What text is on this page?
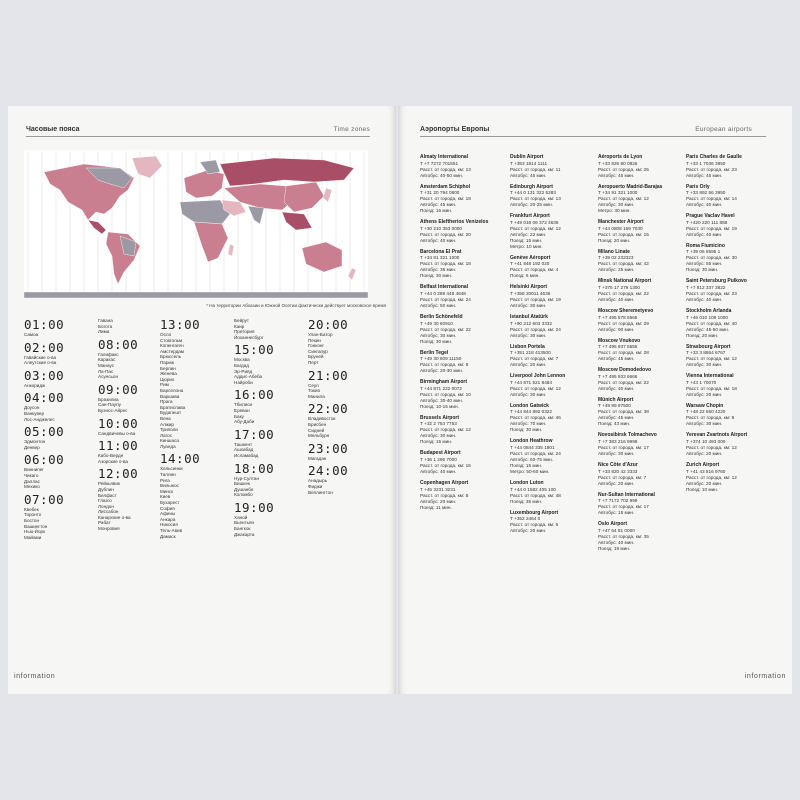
Часовые пояса	Time zones
* На территории Абхазии и Южной Осетии фактически действует московское время
01:00
Самоа
02:00
Гавайские о-ва
Алеутские о-ва
03:00
Анкоридж
04:00
Доусон
Ванкувер
Лос-Анджелес
05:00
Эдмонтон
Денвер
06:00
Виннипег
Чикаго
Даллас
Мехико
07:00
Квебек
Торонто
Бостон
Вашингтон
Нью-Йорк
Майами
Гавана
Богота
Лима
08:00
Галифакс
Каракас
Манаус
Ла-Пас
Асунсьон
09:00
Бразилиа
Сан-Паулу
Буэнос-Айрес
10:00
Сандвичевы о-ва
11:00
Кабо-Верде
Азорские о-ва
12:00
Рейкьявик
Дублин
Белфаст
Глазго
Лондон
Лиссабон
Канарские о-ва
Рабат
Монровия
13:00
Осло
Стокгольм
Копенгаген
Амстердам
Брюссель
Париж
Берлин
Женева
Цюрих
Рим
Барселона
Варшава
Прага
Братислава
Будапешт
Вена
Алжир
Триполи
Лагос
Киншаса
Луанда
14:00
Хельсинки
Таллин
Рига
Вильнюс
Минск
Киев
Бухарест
София
Афины
Анкара
Никосия
Тель-Авив
Дамаск
Бейрут
Каир
Претория
Йоханнесбург
15:00
Москва
Багдад
Эр-Рияд
Аддис-Абеба
Найроби
16:00
Тбилиси
Ереван
Баку
Абу-Даби
17:00
Ташкент
Ашхабад
Исламабад
18:00
Нур-Султан
Бишкек
Душанбе
Коломбо
19:00
Ханой
Вьентьян
Бангкок
Джакарта
20:00
Улан-Батор
Пекин
Гонконг
Сингапур
Бруней
Перт
21:00
Сеул
Токио
Манила
22:00
Владивосток
Брисбен
Сидней
Мельбурн
23:00
Магадан
24:00
Анадырь
Фиджи
Веллингтон
information
Аэропорты Европы	European airports
Almaty International
T +7 7272 701551
Расст. от города, км: 13
Автобус: 40-50 мин.
Amsterdam Schiphol
T +31 20 794 0800
Расст. от города, км: 18
Автобус: 45 мин.
Поезд: 16 мин.
Athens Eleftherios Venizelos
T +30 210 353 0000
Расст. от города, км: 20
Автобус: 40 мин.
Barcelona El Prat
T +34 91 321 1000
Расст. от города, км: 18
Автобус: 35 мин.
Поезд: 30 мин.
Belfast International
T +44 0 289 448 4848
Расст. от города, км: 24
Автобус: 50 мин.
Berlin Schönefeld
T +49 30 60910
Расст. от города, км: 22
Автобус: 30 мин.
Поезд: 30 мин.
Berlin Tegel
T +49 30 609 11150
Расст. от города, км: 8
Автобус: 20-30 мин.
Birmingham Airport
T +44 871 222 0072
Расст. от города, км: 10
Автобус: 30-40 мин.
Поезд: 10-15 мин.
Brussels Airport
T +32 2 753 7753
Расст. от города, км: 12
Автобус: 30 мин.
Поезд: 15 мин.
Budapest Airport
T +36 1 296 7000
Расст. от города, км: 16
Автобус: 40 мин.
Copenhagen Airport
T +45 3231 3231
Расст. от города, км: 8
Автобус: 20 мин.
Поезд: 11 мин.
Dublin Airport
T +353 1814 1111
Расст. от города, км: 11
Автобус: 45 мин.
Edinburgh Airport
T +44 0 131 322 5283
Расст. от города, км: 13
Автобус: 20-25 мин.
Frankfurt Airport
T +49 018 06 372 4636
Расст. от города, км: 12
Автобус: 22 мин.
Поезд: 15 мин.
Метро: 10 мин.
Genève Aéroport
T +41 848 192 020
Расст. от города, км: 4
Поезд: 6 мин.
Helsinki Airport
T +358 20011 4636
Расст. от города, км: 19
Автобус: 30 мин.
Istanbul Atatürk
T +90 212 603 3332
Расст. от города, км: 24
Автобус: 30 мин.
Lisbon Portela
T +351 218 413500
Расст. от города, км: 7
Автобус: 20 мин.
Liverpool John Lennon
T +44 871 521 8484
Расст. от города, км: 12
Автобус: 30 мин.
London Gatwick
T +44 844 892 0322
Расст. от города, км: 46
Автобус: 70 мин.
Поезд: 30 мин.
London Heathrow
T +44 0844 335 1801
Расст. от города, км: 24
Автобус: 60-75 мин.
Поезд: 15 мин.
Метро: 50-60 мин.
London Luton
T +44 0 1582 405 100
Расст. от города, км: 48
Поезд: 35 мин.
Luxembourg Airport
T +352 2464 0
Расст. от города, км: 6
Автобус: 20 мин.
Aéroports de Lyon
T +33 826 80 0826
Расст. от города, км: 25
Автобус: 45 мин.
Aeropuerto Madrid-Barajas
T +34 91 321 1000
Расст. от города, км: 12
Автобус: 30 мин.
Метро: 30 мин.
Manchester Airport
T +44 0808 169 7030
Расст. от города, км: 15
Поезд: 20 мин.
Milano Linate
T +39 02 232323
Расст. от города, км: 42
Автобус: 25 мин.
Minsk National Airport
T +375 17 279 1300
Расст. от города, км: 22
Автобус: 40 мин.
Moscow Sheremetyevo
T +7 495 578 6565
Расст. от города, км: 29
Автобус: 90 мин.
Moscow Vnukovo
T +7 495 937 5555
Расст. от города, км: 28
Автобус: 45 мин.
Moscow Domodedovo
T +7 495 933 6666
Расст. от города, км: 22
Автобус: 40 мин.
Münich Airport
T +49 89 97500
Расст. от города, км: 38
Автобус: 45 мин.
Поезд: 43 мин.
Novosibirsk Tolmachevo
T +7 383 216 9999
Расст. от города, км: 17
Автобус: 30 мин.
Nice Côte d'Azur
T +33 820 42 3333
Расст. от города, км: 7
Автобус: 20 мин.
Nur-Sultan International
T +7 7172 702 999
Расст. от города, км: 17
Автобус: 15 мин.
Oslo Airport
T +47 64 81 0000
Расст. от города, км: 35
Автобус: 40 мин.
Поезд: 19 мин.
Paris Charles de Gaulle
T +33 1 7036 3950
Расст. от города, км: 23
Автобус: 45 мин.
Paris Orly
T +33 892 56 3950
Расст. от города, км: 14
Автобус: 40 мин.
Prague Vaclav Havel
T +420 220 111 888
Расст. от города, км: 19
Автобус: 40 мин.
Roma Fiumicino
T +39 06 6595 1
Расст. от города, км: 30
Автобус: 55 мин.
Поезд: 30 мин.
Saint Petersburg Pulkovo
T +7 812 337 3822
Расст. от города, км: 23
Автобус: 40 мин.
Stockholm Arlanda
T +46 010 109 1000
Расст. от города, км: 40
Автобус: 45-50 мин.
Поезд: 20 мин.
Strasbourg Airport
T +33 3 8864 6767
Расст. от города, км: 12
Автобус: 30 мин.
Vienna International
T +43 1 70070
Расст. от города, км: 18
Автобус: 20 мин.
Warsaw Chopin
T +48 22 650 4220
Расст. от города, км: 9
Автобус: 30 мин.
Yerevan Zvartnots Airport
T +374 10 493 000
Расст. от города, км: 12
Автобус: 20 мин.
Zurich Airport
T +41 43 816 9760
Расст. от города, км: 12
Автобус: 20 мин.
Поезд: 10 мин.
information
